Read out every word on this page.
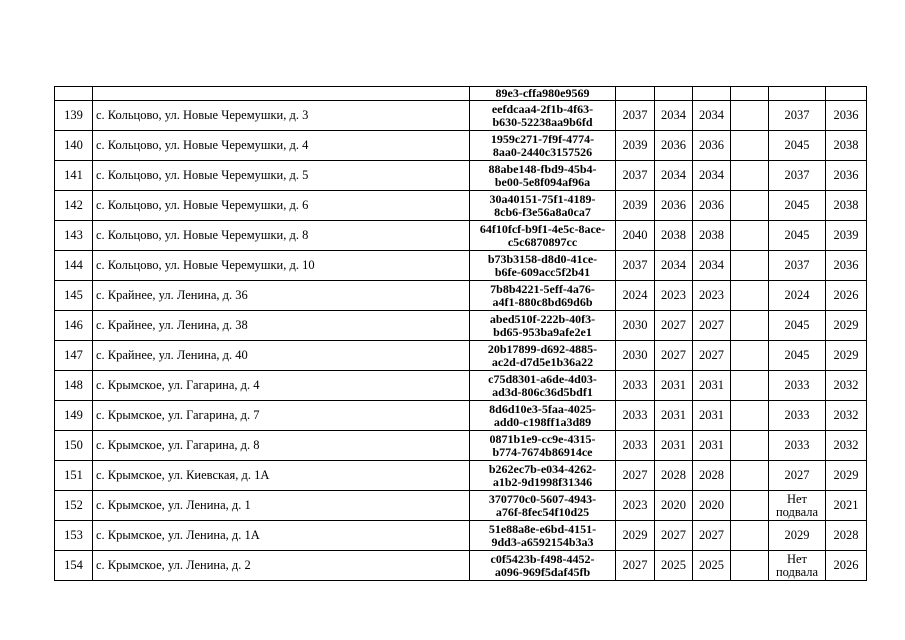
		89e3-cffa980e9569						
139	с. Кольцово, ул. Новые Черемушки, д. 3	eefdcaa4-2f1b-4f63-
b630-52238aa9b6fd	2037	2034	2034		2037	2036
140	с. Кольцово, ул. Новые Черемушки, д. 4	1959c271-7f9f-4774-
8aa0-2440c3157526	2039	2036	2036		2045	2038
141	с. Кольцово, ул. Новые Черемушки, д. 5	88abe148-fbd9-45b4-
be00-5e8f094af96a	2037	2034	2034		2037	2036
142	с. Кольцово, ул. Новые Черемушки, д. 6	30a40151-75f1-4189-
8cb6-f3e56a8a0ca7	2039	2036	2036		2045	2038
143	с. Кольцово, ул. Новые Черемушки, д. 8	64f10fcf-b9f1-4e5c-8ace-
c5c6870897cc	2040	2038	2038		2045	2039
144	с. Кольцово, ул. Новые Черемушки, д. 10	b73b3158-d8d0-41ce-
b6fe-609acc5f2b41	2037	2034	2034		2037	2036
145	с. Крайнее, ул. Ленина, д. 36	7b8b4221-5eff-4a76-
a4f1-880c8bd69d6b	2024	2023	2023		2024	2026
146	с. Крайнее, ул. Ленина, д. 38	abed510f-222b-40f3-
bd65-953ba9afe2e1	2030	2027	2027		2045	2029
147	с. Крайнее, ул. Ленина, д. 40	20b17899-d692-4885-
ac2d-d7d5e1b36a22	2030	2027	2027		2045	2029
148	с. Крымское, ул. Гагарина, д. 4	c75d8301-a6de-4d03-
ad3d-806c36d5bdf1	2033	2031	2031		2033	2032
149	с. Крымское, ул. Гагарина, д. 7	8d6d10e3-5faa-4025-
add0-c198ff1a3d89	2033	2031	2031		2033	2032
150	с. Крымское, ул. Гагарина, д. 8	0871b1e9-cc9e-4315-
b774-7674b86914ce	2033	2031	2031		2033	2032
151	с. Крымское, ул. Киевская, д. 1А	b262ec7b-e034-4262-
a1b2-9d1998f31346	2027	2028	2028		2027	2029
152	с. Крымское, ул. Ленина, д. 1	370770c0-5607-4943-
a76f-8fec54f10d25	2023	2020	2020		Нет
подвала	2021
153	с. Крымское, ул. Ленина, д. 1А	51e88a8e-e6bd-4151-
9dd3-a6592154b3a3	2029	2027	2027		2029	2028
154	с. Крымское, ул. Ленина, д. 2	c0f5423b-f498-4452-
a096-969f5daf45fb	2027	2025	2025		Нет
подвала	2026
